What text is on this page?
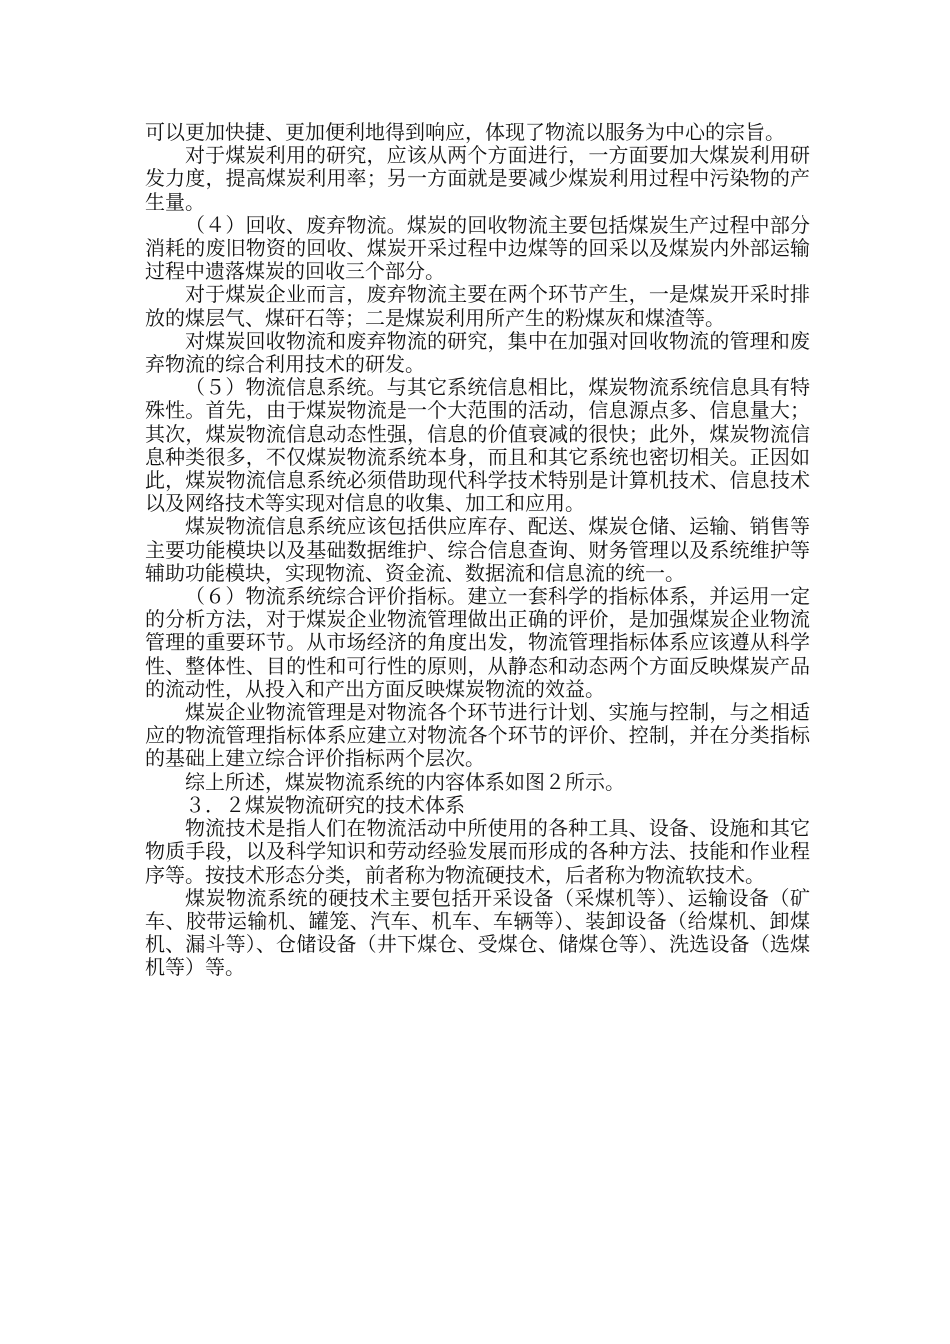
可以更加快捷、更加便利地得到响应，体现了物流以服务为中心的宗旨。

对于煤炭利用的研究，应该从两个方面进行，一方面要加大煤炭利用研发力度，提高煤炭利用率；另一方面就是要减少煤炭利用过程中污染物的产生量。

（４）回收、废弃物流。煤炭的回收物流主要包括煤炭生产过程中部分消耗的废旧物资的回收、煤炭开采过程中边煤等的回采以及煤炭内外部运输过程中遗落煤炭的回收三个部分。

对于煤炭企业而言，废弃物流主要在两个环节产生，一是煤炭开采时排放的煤层气、煤矸石等；二是煤炭利用所产生的粉煤灰和煤渣等。

对煤炭回收物流和废弃物流的研究，集中在加强对回收物流的管理和废弃物流的综合利用技术的研发。

（５）物流信息系统。与其它系统信息相比，煤炭物流系统信息具有特殊性。首先，由于煤炭物流是一个大范围的活动，信息源点多、信息量大；其次，煤炭物流信息动态性强，信息的价值衰减的很快；此外，煤炭物流信息种类很多，不仅煤炭物流系统本身，而且和其它系统也密切相关。正因如此，煤炭物流信息系统必须借助现代科学技术特别是计算机技术、信息技术以及网络技术等实现对信息的收集、加工和应用。

煤炭物流信息系统应该包括供应库存、配送、煤炭仓储、运输、销售等主要功能模块以及基础数据维护、综合信息查询、财务管理以及系统维护等辅助功能模块，实现物流、资金流、数据流和信息流的统一。

（６）物流系统综合评价指标。建立一套科学的指标体系，并运用一定的分析方法，对于煤炭企业物流管理做出正确的评价，是加强煤炭企业物流管理的重要环节。从市场经济的角度出发，物流管理指标体系应该遵从科学性、整体性、目的性和可行性的原则，从静态和动态两个方面反映煤炭产品的流动性，从投入和产出方面反映煤炭物流的效益。

煤炭企业物流管理是对物流各个环节进行计划、实施与控制，与之相适应的物流管理指标体系应建立对物流各个环节的评价、控制，并在分类指标的基础上建立综合评价指标两个层次。

综上所述，煤炭物流系统的内容体系如图２所示。

３．２煤炭物流研究的技术体系

物流技术是指人们在物流活动中所使用的各种工具、设备、设施和其它物质手段，以及科学知识和劳动经验发展而形成的各种方法、技能和作业程序等。按技术形态分类，前者称为物流硬技术，后者称为物流软技术。

煤炭物流系统的硬技术主要包括开采设备（采煤机等）、运输设备（矿车、胶带运输机、罐笼、汽车、机车、车辆等）、装卸设备（给煤机、卸煤机、漏斗等）、仓储设备（井下煤仓、受煤仓、储煤仓等）、洗选设备（选煤机等）等。
